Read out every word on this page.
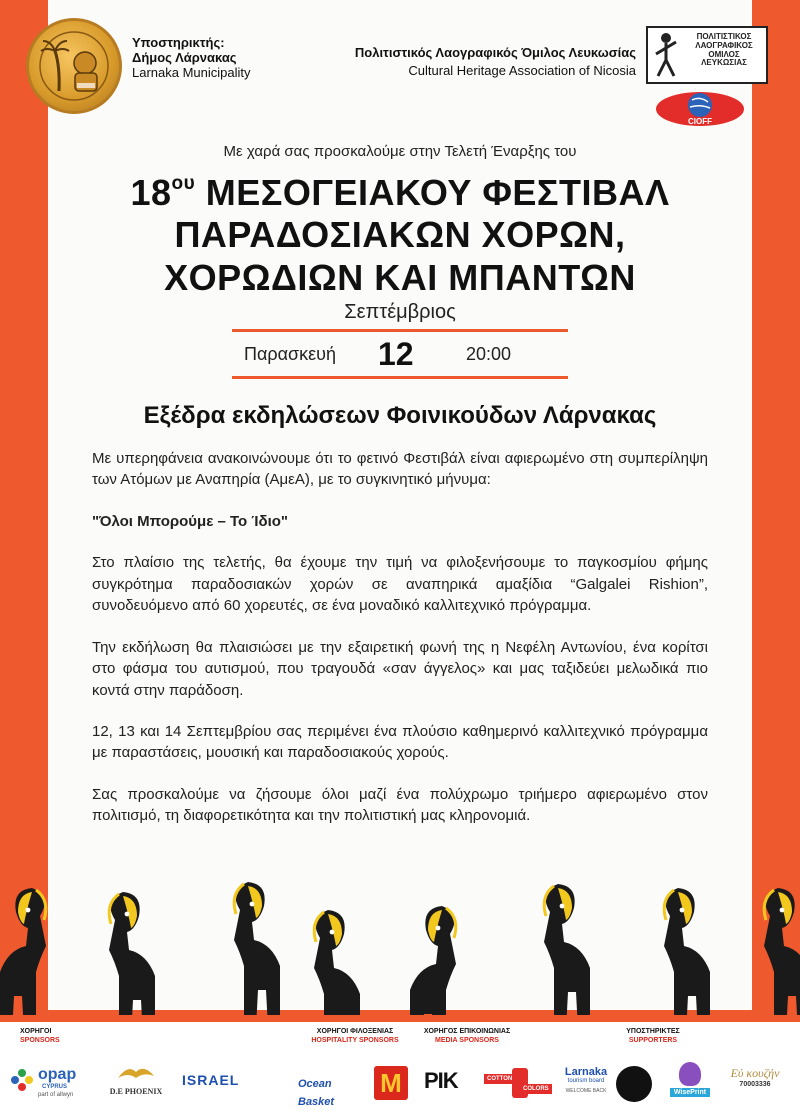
Υποστηρικτής:
Δήμος Λάρνακας
Larnaka Municipality
Πολιτιστικός Λαογραφικός Όμιλος Λευκωσίας
Cultural Heritage Association of Nicosia
ΠΟΛΙΤΙΣΤΙΚΟΣ
ΛΑΟΓΡΑΦΙΚΟΣ
ΟΜΙΛΟΣ
ΛΕΥΚΩΣΙΑΣ
CIOFF
Με χαρά σας προσκαλούμε στην Τελετή Έναρξης του
$18^{o\upsilon}$ ΜΕΣΟΓΕΙΑΚΟΥ ΦΕΣΤΙΒΑΛ
ΠΑΡΑΔΟΣΙΑΚΩΝ ΧΟΡΩΝ,
ΧΟΡΩΔΙΩΝ ΚΑΙ ΜΠΑΝΤΩΝ
Σεπτέμβριος
Παρασκευή 12	20:00
Εξέδρα εκδηλώσεων Φοινικούδων Λάρνακας

Με υπερηφάνεια ανακοινώνουμε ότι το φετινό Φεστιβάλ είναι αφιερωμένο στη συμπερίληψη των Ατόμων με Αναπηρία (ΑμεΑ), με το συγκινητικό μήνυμα:

"Όλοι Μπορούμε – Το Ίδιο"

Στο πλαίσιο της τελετής, θα έχουμε την τιμή να φιλοξενήσουμε το παγκοσμίου φήμης συγκρότημα παραδοσιακών χορών σε αναπηρικά αμαξίδια “Galgalei Rishion”, συνοδευόμενο από 60 χορευτές, σε ένα μοναδικό καλλιτεχνικό πρόγραμμα.

Την εκδήλωση θα πλαισιώσει με την εξαιρετική φωνή της η Νεφέλη Αντωνίου, ένα κορίτσι στο φάσμα του αυτισμού, που τραγουδά «σαν άγγελος» και μας ταξιδεύει μελωδικά πιο κοντά στην παράδοση.

12, 13 και 14 Σεπτεμβρίου σας περιμένει ένα πλούσιο καθημερινό καλλιτεχνικό πρόγραμμα με παραστάσεις, μουσική και παραδοσιακούς χορούς.

Σας προσκαλούμε να ζήσουμε όλοι μαζί ένα πολύχρωμο τριήμερο αφιερωμένο στον πολιτισμό, τη διαφορετικότητα και την πολιτιστική μας κληρονομιά.

ΧΟΡΗΓΟΙ
SPONSORS
ΧΟΡΗΓΟΙ ΦΙΛΟΞΕΝΙΑΣ
HOSPITALITY SPONSORS
ΧΟΡΗΓΟΣ ΕΠΙΚΟΙΝΩΝΙΑΣ
MEDIA SPONSORS
ΥΠΟΣΤΗΡΙΚΤΕΣ
SUPPORTERS
opap
CYPRUS
part of allwyn	D.E PHOENIX
ISRAEL	Ocean Basket
M ΡΙΚ	COTTON
COLORS
Larnaka
tourism board
WELCOME BACK	WisePrint
Εύ κουζήν
70003336
